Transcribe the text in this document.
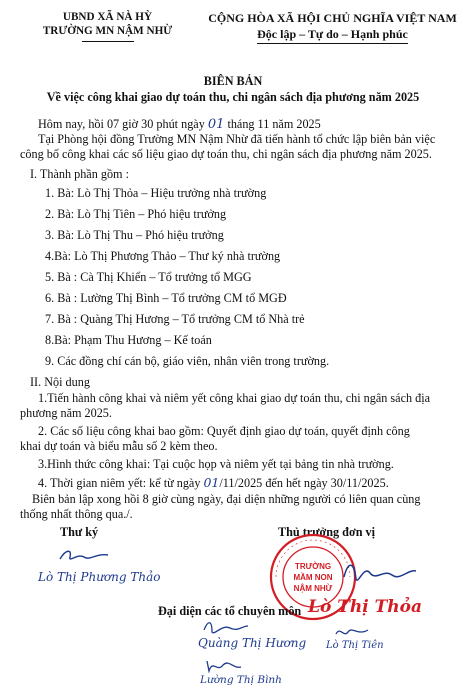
UBND XÃ NÀ HỲ
TRƯỜNG MN NẬM NHỪ
CỘNG HÒA XÃ HỘI CHỦ NGHĨA VIỆT NAM
Độc lập – Tự do – Hạnh phúc
BIÊN BẢN
Về việc công khai giao dự toán thu, chi ngân sách địa phương năm 2025
Hôm nay, hồi 07 giờ 30 phút ngày 01 tháng 11 năm 2025
Tại Phòng hội đồng Trường MN Nậm Nhừ đã tiến hành tổ chức lập biên bản việc
công bố công khai các số liệu giao dự toán thu, chi ngân sách địa phương năm 2025.
I. Thành phần gồm :
1. Bà: Lò Thị Thỏa – Hiệu trưởng nhà trường
2. Bà: Lò Thị Tiên – Phó hiệu trưởng
3. Bà: Lò Thị Thu – Phó hiệu trưởng
4.Bà: Lò Thị Phương Thảo – Thư ký nhà trường
5. Bà : Cà Thị Khiển – Tổ trưởng tổ MGG
6. Bà : Lường Thị Bình – Tổ trưởng CM tổ MGĐ
7. Bà : Quàng Thị Hương – Tổ trưởng CM tổ Nhà trẻ
8.Bà: Phạm Thu Hương – Kế toán
9. Các đồng chí cán bộ, giáo viên, nhân viên trong trường.
II. Nội dung
1.Tiến hành công khai và niêm yết công khai giao dự toán thu, chi ngân sách địa
phương năm 2025.
2. Các số liệu công khai bao gồm: Quyết định giao dự toán, quyết định công
khai dự toán và biểu mẫu số 2 kèm theo.
3.Hình thức công khai: Tại cuộc họp và niêm yết tại bảng tin nhà trường.
4. Thời gian niêm yết: kể từ ngày 01/11/2025 đến hết ngày 30/11/2025.
Biên bản lập xong hồi 8 giờ cùng ngày, đại diện những người có liên quan cùng
thống nhất thông qua./.
Thư ký
Lò Thị Phương Thảo
Thủ trưởng đơn vị
TRƯỜNG
MẦM NON
NẬM NHỪ
Lò Thị Thỏa
Đại diện các tổ chuyên môn
Quàng Thị Hương Lò Thị Tiên
Lường Thị Bình
